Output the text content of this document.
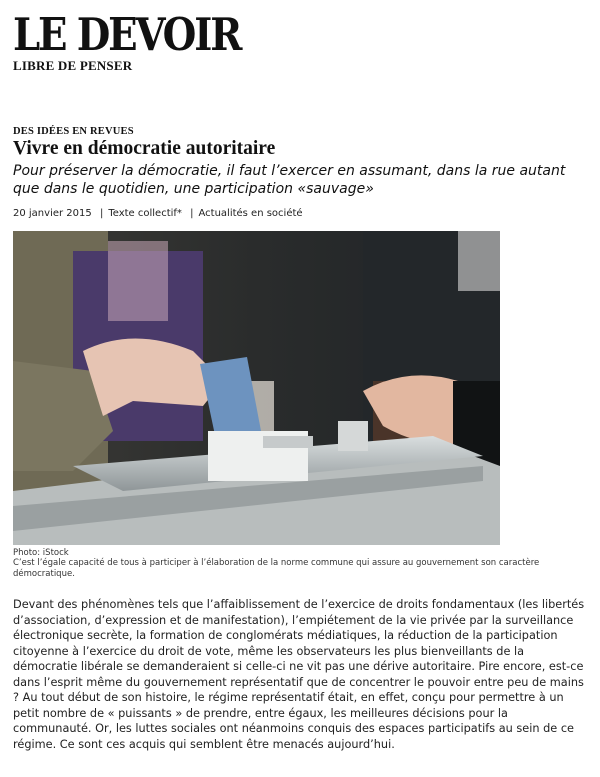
LE DEVOIR
LIBRE DE PENSER
DES IDÉES EN REVUES
Vivre en démocratie autoritaire
Pour préserver la démocratie, il faut l’exercer en assumant, dans la rue autant que dans le quotidien, une participation «sauvage»
20 janvier 2015 | Texte collectif* | Actualités en société
Photo: iStock
C’est l’égale capacité de tous à participer à l’élaboration de la norme commune qui assure au gouvernement son caractère démocratique.
Devant des phénomènes tels que l’affaiblissement de l’exercice de droits fondamentaux (les libertés d’association, d’expression et de manifestation), l’empiétement de la vie privée par la surveillance électronique secrète, la formation de conglomérats médiatiques, la réduction de la participation citoyenne à l’exercice du droit de vote, même les observateurs les plus bienveillants de la démocratie libérale se demanderaient si celle-ci ne vit pas une dérive autoritaire. Pire encore, est-ce dans l’esprit même du gouvernement représentatif que de concentrer le pouvoir entre peu de mains ? Au tout début de son histoire, le régime représentatif était, en effet, conçu pour permettre à un petit nombre de « puissants » de prendre, entre égaux, les meilleures décisions pour la communauté. Or, les luttes sociales ont néanmoins conquis des espaces participatifs au sein de ce régime. Ce sont ces acquis qui semblent être menacés aujourd’hui.
